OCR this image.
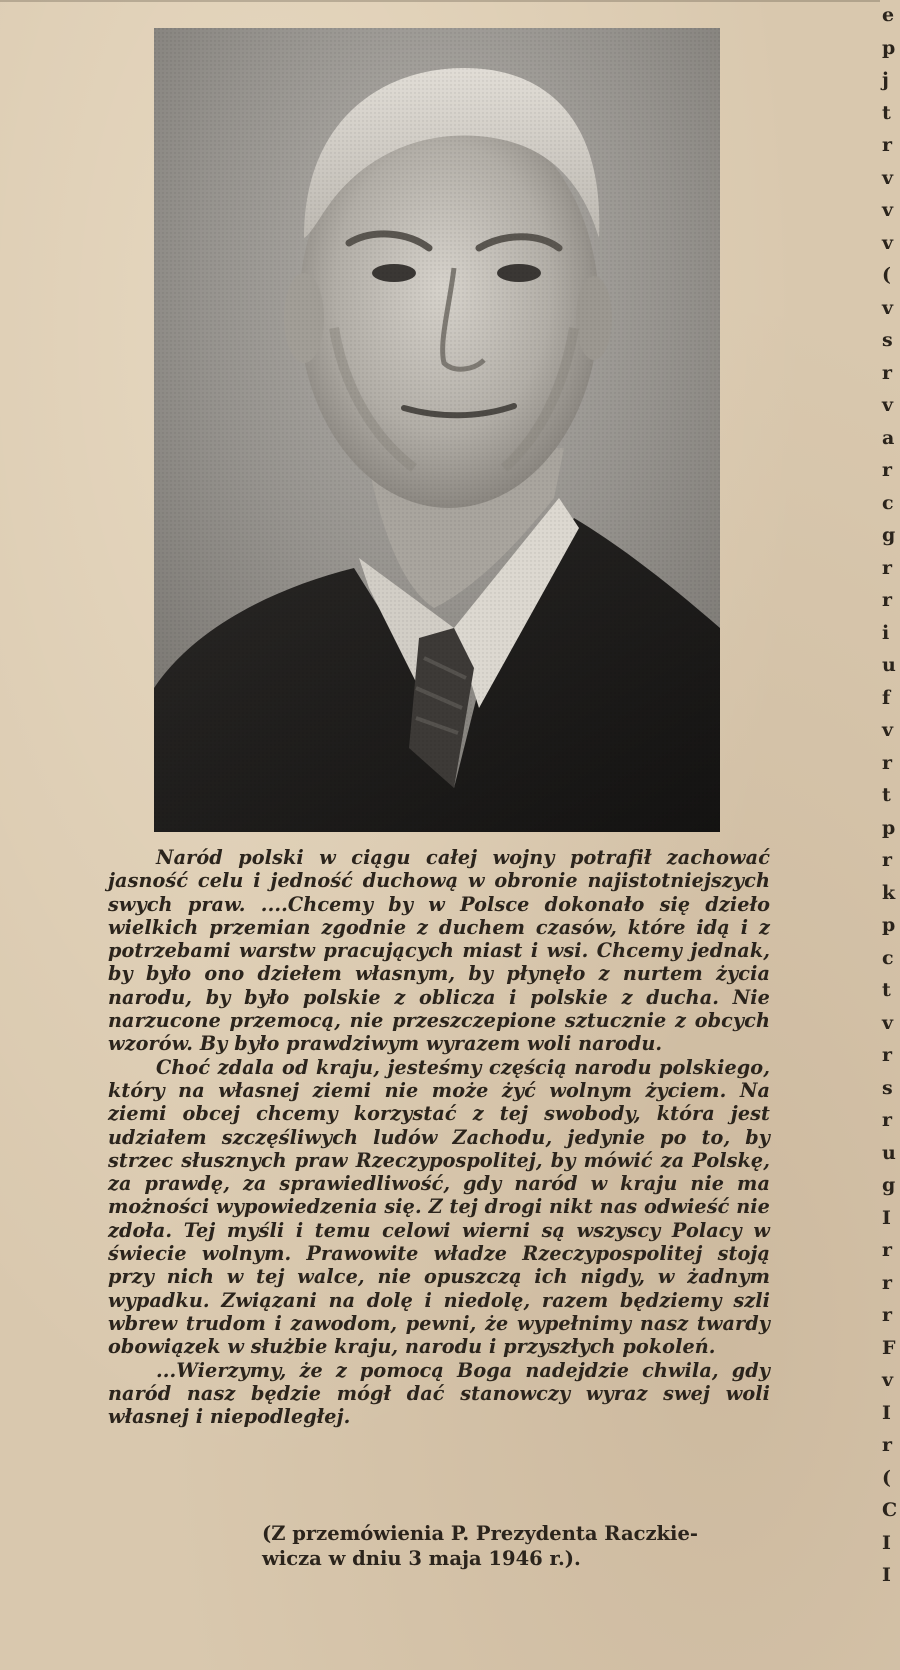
Naród polski w ciągu całej wojny potrafił zachować jasność celu i jedność duchową w obronie najistotniejszych swych praw. ....Chcemy by w Polsce dokonało się dzieło wielkich przemian zgodnie z duchem czasów, które idą i z potrzebami warstw pracujących miast i wsi. Chcemy jednak, by było ono dziełem własnym, by płynęło z nurtem życia narodu, by było polskie z oblicza i polskie z ducha. Nie narzucone przemocą, nie przeszczepione sztucznie z obcych wzorów. By było prawdziwym wyrazem woli narodu.

Choć zdala od kraju, jesteśmy częścią narodu polskiego, który na własnej ziemi nie może żyć wolnym życiem. Na ziemi obcej chcemy korzystać z tej swobody, która jest udziałem szczęśliwych ludów Zachodu, jedynie po to, by strzec słusznych praw Rzeczypospolitej, by mówić za Polskę, za prawdę, za sprawiedliwość, gdy naród w kraju nie ma możności wypowiedzenia się. Z tej drogi nikt nas odwieść nie zdoła. Tej myśli i temu celowi wierni są wszyscy Polacy w świecie wolnym. Prawowite władze Rzeczypospolitej stoją przy nich w tej walce, nie opuszczą ich nigdy, w żadnym wypadku. Związani na dolę i niedolę, razem będziemy szli wbrew trudom i zawodom, pewni, że wypełnimy nasz twardy obowiązek w służbie kraju, narodu i przyszłych pokoleń.

...Wierzymy, że z pomocą Boga nadejdzie chwila, gdy naród nasz będzie mógł dać stanowczy wyraz swej woli własnej i niepodległej.

(Z przemówienia P. Prezydenta Raczkie-
wicza w dniu 3 maja 1946 r.).
e
p
j
t
r
v
v
v
(
v
s
r
v
a
r
c
g
r
r
i
u
f
v
r
t
p
r
k
p
c
t
v
r
s
r
u
g
I
r
r
r
F
v
I
r
(
C
I
I
